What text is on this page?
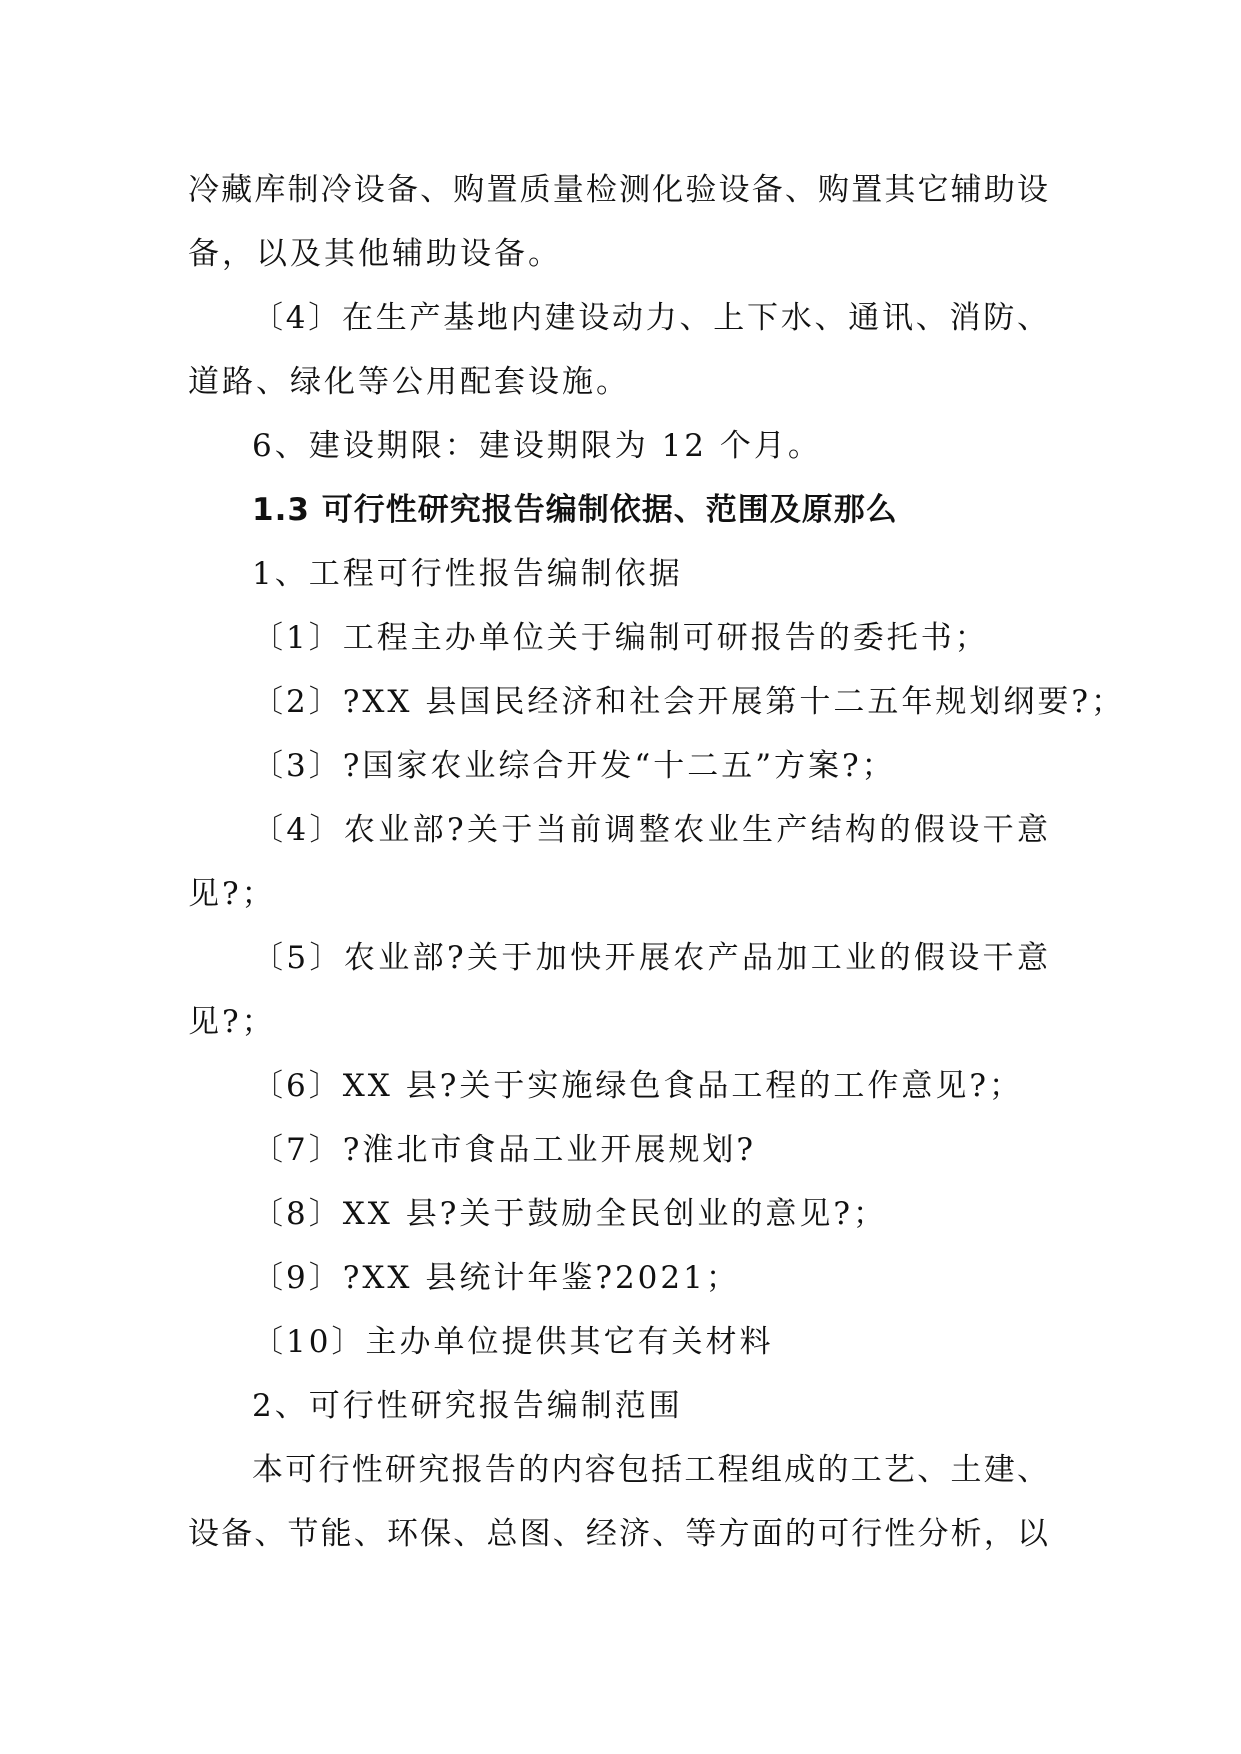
冷藏库制冷设备、购置质量检测化验设备、购置其它辅助设
备，以及其他辅助设备。
〔4〕在生产基地内建设动力、上下水、通讯、消防、
道路、绿化等公用配套设施。
6、建设期限：建设期限为 12 个月。
1.3 可行性研究报告编制依据、范围及原那么
1、工程可行性报告编制依据
〔1〕工程主办单位关于编制可研报告的委托书；
〔2〕?XX 县国民经济和社会开展第十二五年规划纲要?；
〔3〕?国家农业综合开发“十二五”方案?；
〔4〕农业部?关于当前调整农业生产结构的假设干意
见?；
〔5〕农业部?关于加快开展农产品加工业的假设干意
见?；
〔6〕XX 县?关于实施绿色食品工程的工作意见?；
〔7〕?淮北市食品工业开展规划?
〔8〕XX 县?关于鼓励全民创业的意见?；
〔9〕?XX 县统计年鉴?2021；
〔10〕主办单位提供其它有关材料
2、可行性研究报告编制范围
本可行性研究报告的内容包括工程组成的工艺、土建、
设备、节能、环保、总图、经济、等方面的可行性分析，以
